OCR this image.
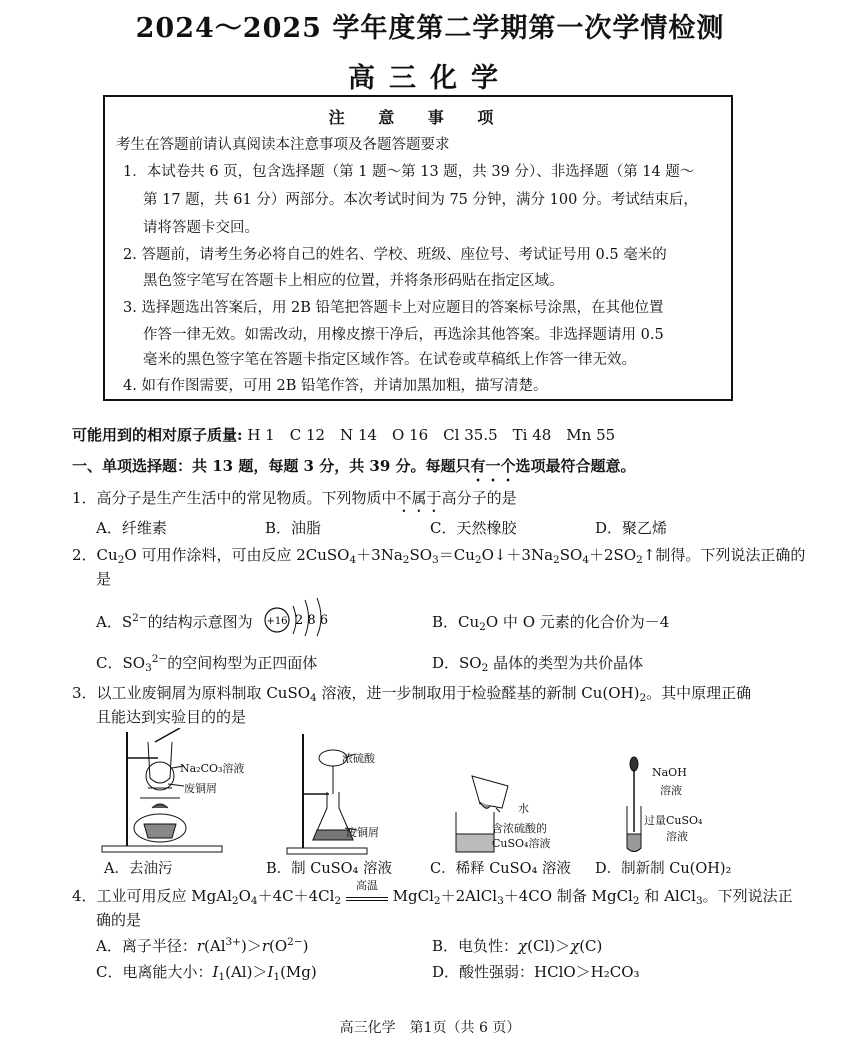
2024～2025 学年度第二学期第一次学情检测
高三化学
注 意 事 项
考生在答题前请认真阅读本注意事项及各题答题要求
1．本试卷共 6 页，包含选择题（第 1 题～第 13 题，共 39 分）、非选择题（第 14 题～
第 17 题，共 61 分）两部分。本次考试时间为 75 分钟，满分 100 分。考试结束后，
请将答题卡交回。
2. 答题前，请考生务必将自己的姓名、学校、班级、座位号、考试证号用 0.5 毫米的
黑色签字笔写在答题卡上相应的位置，并将条形码贴在指定区域。
3. 选择题选出答案后，用 2B 铅笔把答题卡上对应题目的答案标号涂黑，在其他位置
作答一律无效。如需改动，用橡皮擦干净后，再选涂其他答案。非选择题请用 0.5
毫米的黑色签字笔在答题卡指定区域作答。在试卷或草稿纸上作答一律无效。
4. 如有作图需要，可用 2B 铅笔作答，并请加黑加粗，描写清楚。
可能用到的相对原子质量: H 1　C 12　N 14　O 16　Cl 35.5　Ti 48　Mn 55
一、单项选择题：共 13 题，每题 3 分，共 39 分。每题只有一个选项最符合题意。
1．高分子是生产生活中的常见物质。下列物质中不属于高分子的是
A．纤维素	B．油脂	C．天然橡胶	D．聚乙烯
2．$Cu_2O$ 可用作涂料，可由反应 $2CuSO_4+3Na_2SO_3=Cu_2O↓+3Na_2SO_4+2SO_2↑$制得。下列说法正确的
是
A．$S^{2-}$的结构示意图为 +16 2 8 6	B．$Cu_2O$ 中 O 元素的化合价为－4
C．$SO_3^{2-}$的空间构型为正四面体	D．$SO_2$ 晶体的类型为共价晶体
3．以工业废铜屑为原料制取 CuSO$_4$ 溶液，进一步制取用于检验醛基的新制 $Cu(OH)_2$。其中原理正确
且能达到实验目的的是
Na₂CO₃溶液
废铜屑
浓硫酸
废铜屑
水
含浓硫酸的
CuSO₄溶液
NaOH
溶液
过量CuSO₄
溶液
A．去油污	B．制 CuSO₄ 溶液	C．稀释 CuSO₄ 溶液 D．制新制 Cu(OH)₂
4．工业可用反应 $MgAl_2O_4+4C+4Cl_2$
高温
MgCl$_2$＋2AlCl$_3$＋4CO 制备 MgCl$_2$ 和 AlCl$_3$。下列说法正
确的是
A．离子半径：$r(Al^{3+})>r(O^{2-})$	B．电负性：χ(Cl)＞χ(C)
C．电离能大小：$I_1(Al)>I_1(Mg)$	D．酸性强弱：HClO＞H₂CO₃
高三化学　第1页（共 6 页）
